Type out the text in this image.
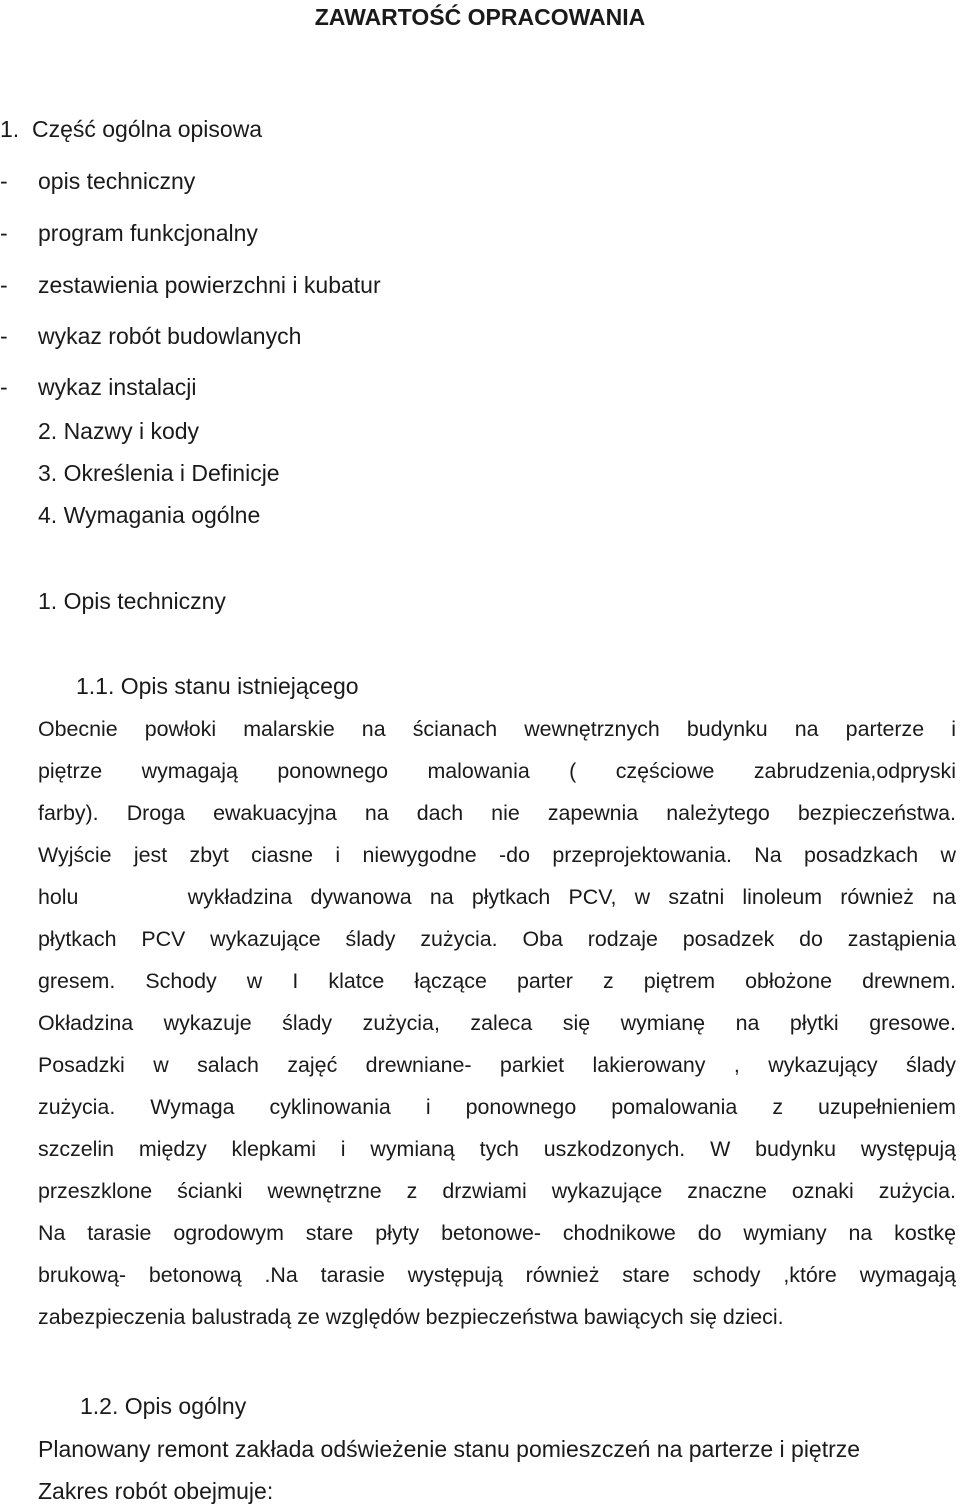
ZAWARTOŚĆ OPRACOWANIA
1.  Część ogólna opisowa
- opis techniczny
- program funkcjonalny
- zestawienia powierzchni i kubatur
- wykaz robót budowlanych
- wykaz instalacji
2. Nazwy i kody
3. Określenia i Definicje
4. Wymagania ogólne
1. Opis techniczny
1.1. Opis stanu istniejącego
Obecnie powłoki malarskie na ścianach wewnętrznych budynku na parterze i
piętrze wymagają ponownego malowania ( częściowe zabrudzenia,odpryski
farby). Droga ewakuacyjna na dach nie zapewnia należytego bezpieczeństwa.
Wyjście jest zbyt ciasne i niewygodne -do przeprojektowania. Na posadzkach w
holu      wykładzina dywanowa na płytkach PCV, w szatni linoleum również na
płytkach PCV wykazujące ślady zużycia. Oba rodzaje posadzek do zastąpienia
gresem. Schody w I klatce łączące parter z piętrem obłożone drewnem.
Okładzina wykazuje ślady zużycia, zaleca się wymianę na płytki gresowe.
Posadzki w salach zajęć drewniane- parkiet lakierowany , wykazujący ślady
zużycia. Wymaga cyklinowania i ponownego pomalowania z uzupełnieniem
szczelin między klepkami i wymianą tych uszkodzonych. W budynku występują
przeszklone ścianki wewnętrzne z drzwiami wykazujące znaczne oznaki zużycia.
Na tarasie ogrodowym stare płyty betonowe- chodnikowe do wymiany na kostkę
brukową- betonową .Na tarasie występują również stare schody ,które wymagają
zabezpieczenia balustradą ze względów bezpieczeństwa bawiących się dzieci.
1.2. Opis ogólny
Planowany remont zakłada odświeżenie stanu pomieszczeń na parterze i piętrze
Zakres robót obejmuje:
